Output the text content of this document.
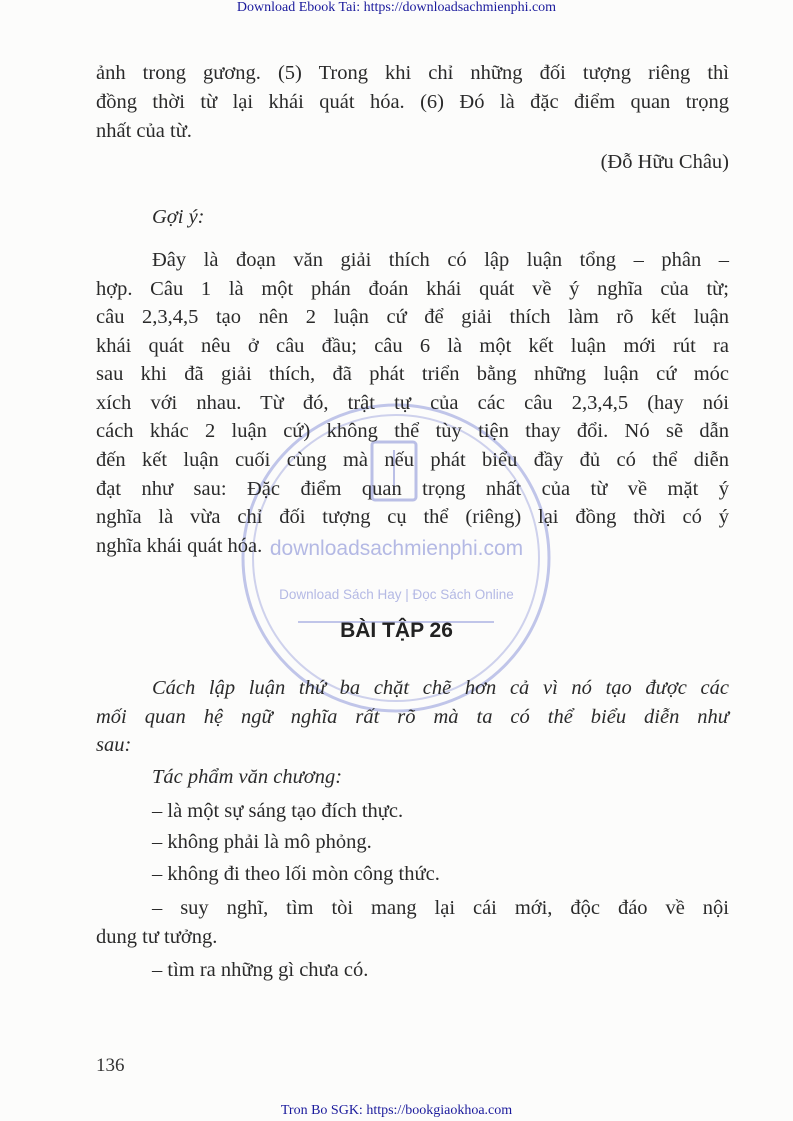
Download Ebook Tai: https://downloadsachmienphi.com
downloadsachmienphi.com
Download Sách Hay | Đọc Sách Online
ảnh trong gương. (5) Trong khi chỉ những đối tượng riêng thì
đồng thời từ lại khái quát hóa. (6) Đó là đặc điểm quan trọng
nhất của từ.
(Đỗ Hữu Châu)
Gợi ý:
Đây là đoạn văn giải thích có lập luận tổng – phân –
hợp. Câu 1 là một phán đoán khái quát về ý nghĩa của từ;
câu 2,3,4,5 tạo nên 2 luận cứ để giải thích làm rõ kết luận
khái quát nêu ở câu đầu; câu 6 là một kết luận mới rút ra
sau khi đã giải thích, đã phát triển bằng những luận cứ móc
xích với nhau. Từ đó, trật tự của các câu 2,3,4,5 (hay nói
cách khác 2 luận cứ) không thể tùy tiện thay đổi. Nó sẽ dẫn
đến kết luận cuối cùng mà nếu phát biểu đầy đủ có thể diễn
đạt như sau: Đặc điểm quan trọng nhất của từ về mặt ý
nghĩa là vừa chỉ đối tượng cụ thể (riêng) lại đồng thời có ý
nghĩa khái quát hóa.
BÀI TẬP 26
Cách lập luận thứ ba chặt chẽ hơn cả vì nó tạo được các
mối quan hệ ngữ nghĩa rất rõ mà ta có thể biểu diễn như
sau:
Tác phẩm văn chương:
– là một sự sáng tạo đích thực.
– không phải là mô phỏng.
– không đi theo lối mòn công thức.
– suy nghĩ, tìm tòi mang lại cái mới, độc đáo về nội
dung tư tưởng.
– tìm ra những gì chưa có.
136
Tron Bo SGK: https://bookgiaokhoa.com
